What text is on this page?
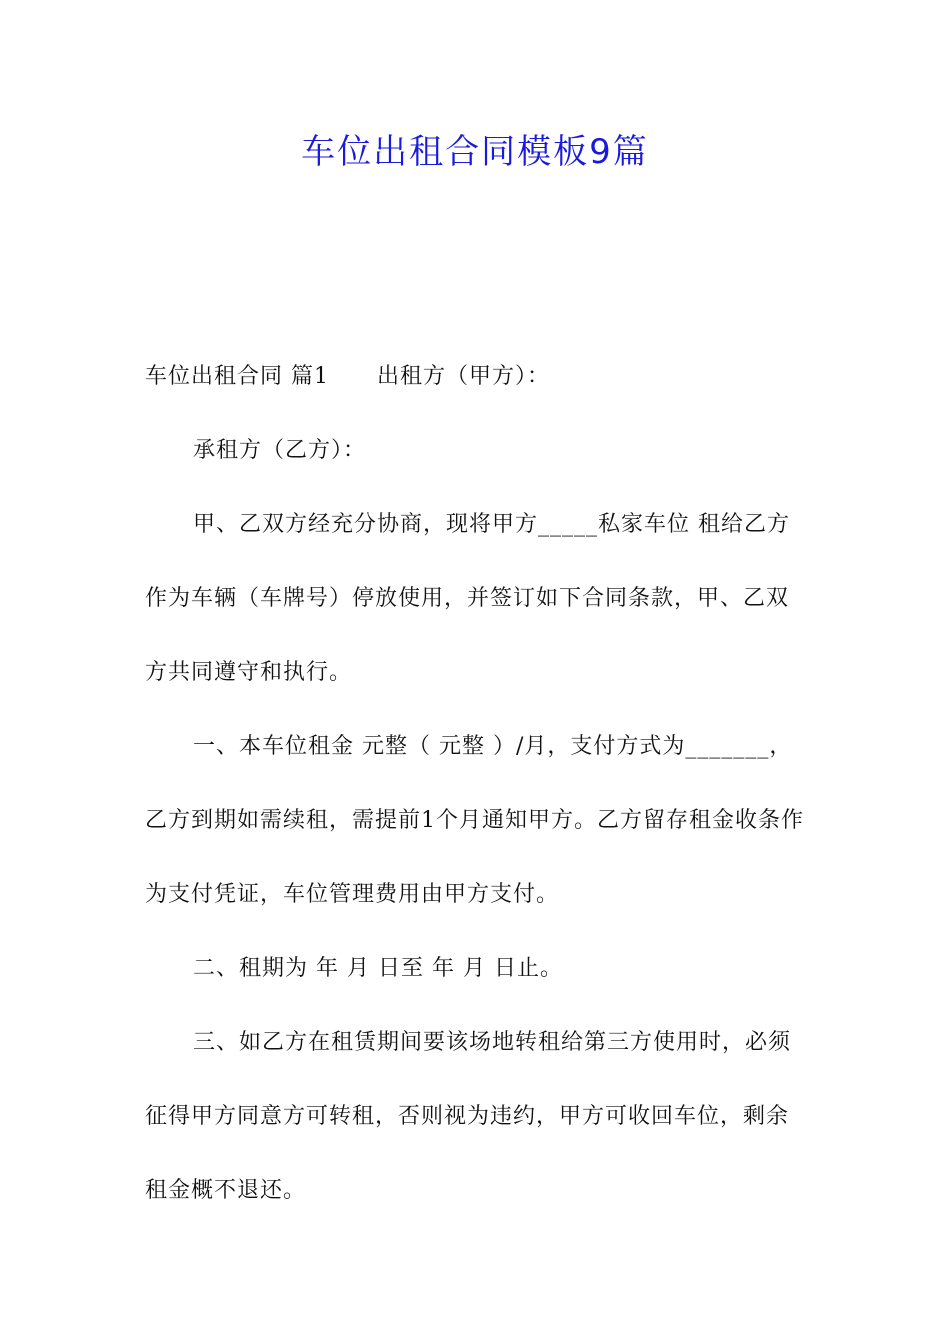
车位出租合同模板9篇

车位出租合同 篇1 出租方（甲方）：

承租方（乙方）：

甲、乙双方经充分协商，现将甲方_____私家车位 租给乙方作为车辆（车牌号）停放使用，并签订如下合同条款，甲、乙双方共同遵守和执行。

一、本车位租金 元整（ 元整 ）/月，支付方式为_______，乙方到期如需续租，需提前1个月通知甲方。乙方留存租金收条作为支付凭证，车位管理费用由甲方支付。

二、租期为 年 月 日至 年 月 日止。

三、如乙方在租赁期间要该场地转租给第三方使用时，必须征得甲方同意方可转租，否则视为违约，甲方可收回车位，剩余租金概不退还。
